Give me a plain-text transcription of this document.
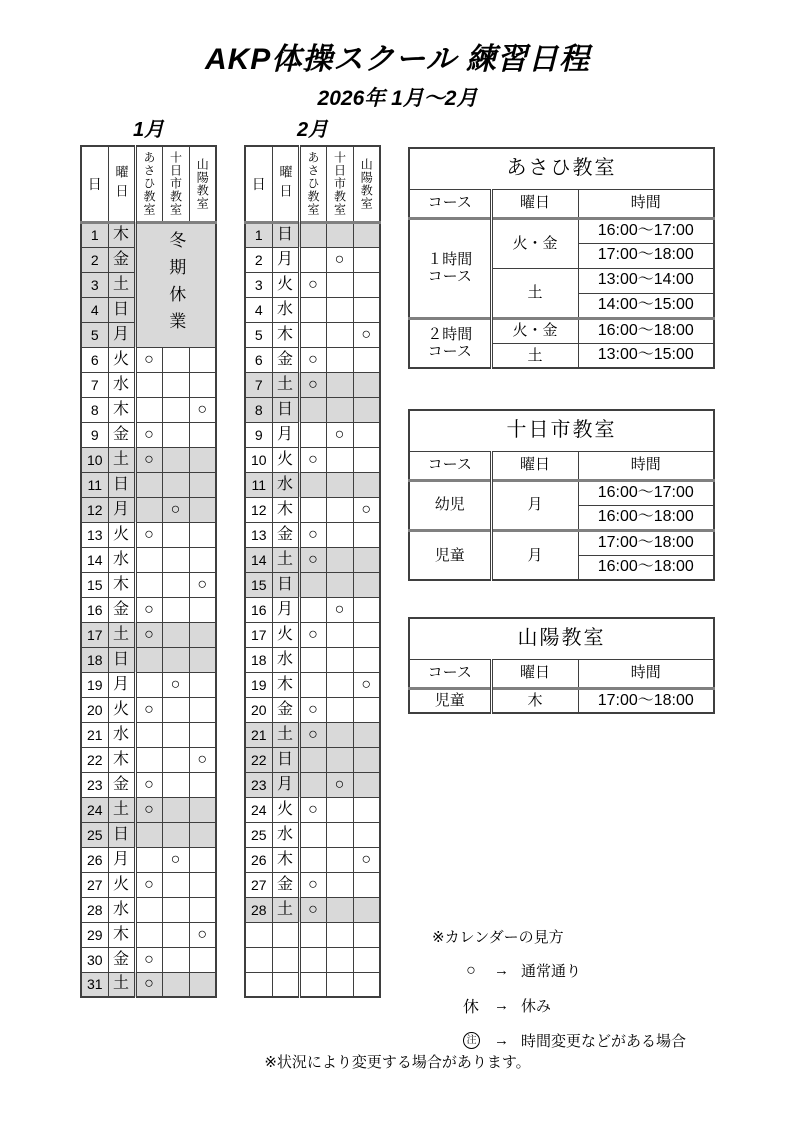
AKP体操スクール 練習日程
2026年 1月～2月
1月	2月
日	曜日	あさひ教室	十日市教室	山陽教室

1	木	冬期休業		

2	金			
3	土			
4	日			
5	月			
6	火	○		
7	水			
8	木			○
9	金	○		
10	土	○		
11	日			
12	月		○	
13	火	○		
14	水			
15	木			○
16	金	○		
17	土	○		
18	日			
19	月		○	
20	火	○		
21	水			
22	木			○
23	金	○		
24	土	○		
25	日			
26	月		○	
27	火	○		
28	水			
29	木			○
30	金	○		
31	土	○		
日	曜日	あさひ教室	十日市教室	山陽教室

1	日			
2	月		○	
3	火	○		
4	水			
5	木			○
6	金	○		
7	土	○		
8	日			
9	月		○	
10	火	○		
11	水			
12	木			○
13	金	○		
14	土	○		
15	日			
16	月		○	
17	火	○		
18	水			
19	木			○
20	金	○		
21	土	○		
22	日			
23	月		○	
24	火	○		
25	水			
26	木			○
27	金	○		
28	土	○		

あさひ教室		
コース	曜日	時間
１時間
コース	火・金	16:00～17:00
		17:00～18:00
	土	13:00～14:00
		14:00～15:00
２時間
コース	火・金	16:00～18:00
	土	13:00～15:00
十日市教室		
コース	曜日	時間
幼児	月	16:00～17:00
		16:00～18:00
児童	月	17:00～18:00
		16:00～18:00
山陽教室		
コース	曜日	時間
児童	木	17:00～18:00
※カレンダーの見方
○	→ 通常通り
休 → 休み
注 → 時間変更などがある場合
※状況により変更する場合があります。
